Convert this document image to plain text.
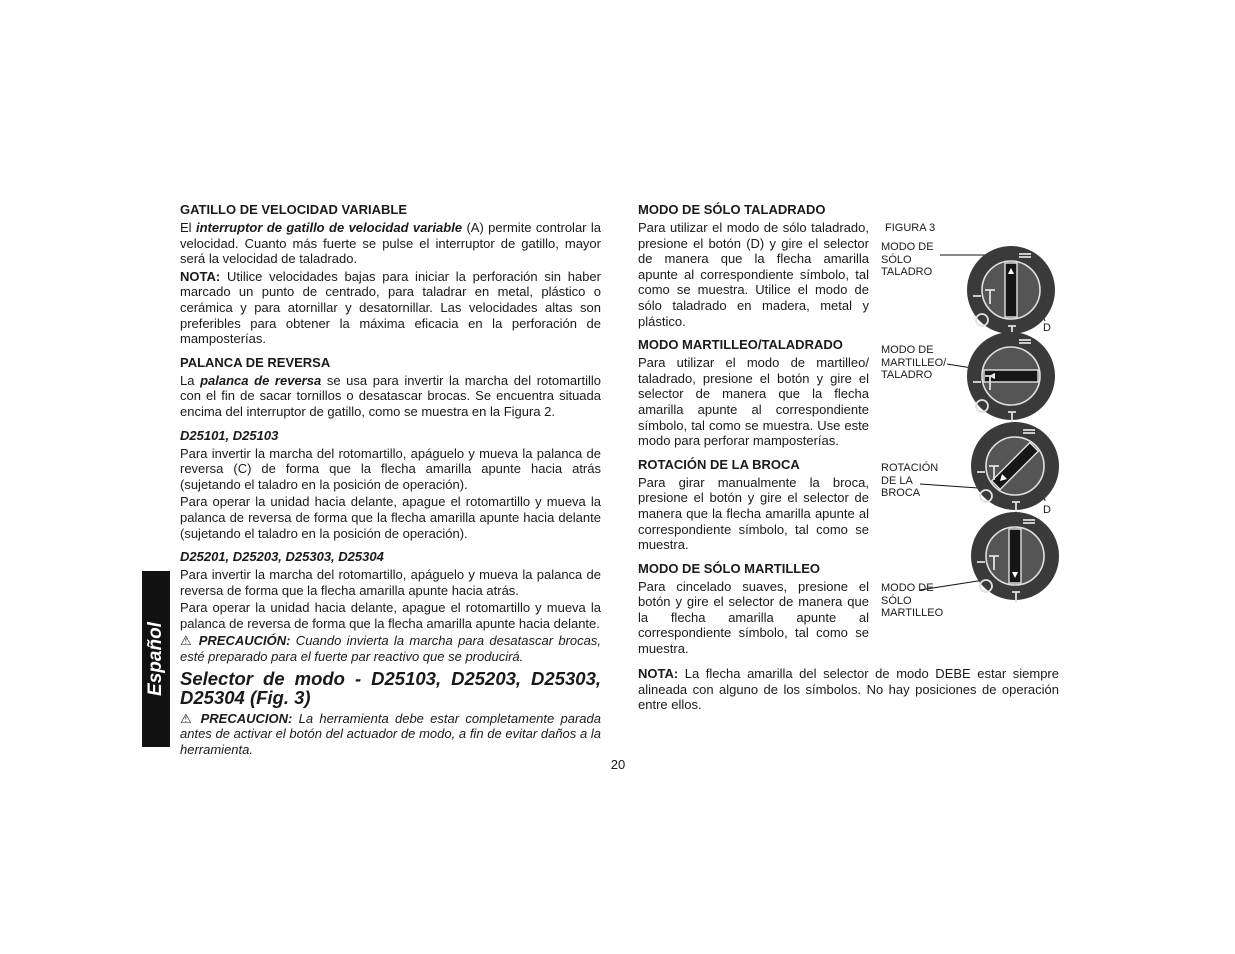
Español
GATILLO DE VELOCIDAD VARIABLE

El interruptor de gatillo de velocidad variable (A) permite controlar la velocidad. Cuanto más fuerte se pulse el interruptor de gatillo, mayor será la velocidad de taladrado.

NOTA: Utilice velocidades bajas para iniciar la perforación sin haber marcado un punto de centrado, para taladrar en metal, plástico o cerámica y para atornillar y desatornillar. Las velocidades altas son preferibles para obtener la máxima eficacia en la perforación de mamposterías.

PALANCA DE REVERSA

La palanca de reversa se usa para invertir la marcha del rotomartillo con el fin de sacar tornillos o desatascar brocas. Se encuentra situada encima del interruptor de gatillo, como se muestra en la Figura 2.

D25101, D25103

Para invertir la marcha del rotomartillo, apáguelo y mueva la palanca de reversa (C) de forma que la flecha amarilla apunte hacia atrás (sujetando el taladro en la posición de operación).

Para operar la unidad hacia delante, apague el rotomartillo y mueva la palanca de reversa de forma que la flecha amarilla apunte hacia delante (sujetando el taladro en la posición de operación).

D25201, D25203, D25303, D25304

Para invertir la marcha del rotomartillo, apáguelo y mueva la palanca de reversa de forma que la flecha amarilla apunte hacia atrás.

Para operar la unidad hacia delante, apague el rotomartillo y mueva la palanca de reversa de forma que la flecha amarilla apunte hacia delante.

⚠ PRECAUCIÓN: Cuando invierta la marcha para desatascar brocas, esté preparado para el fuerte par reactivo que se producirá.

Selector de modo - D25103, D25203, D25303, D25304 (Fig. 3)

⚠ PRECAUCION: La herramienta debe estar completamente parada antes de activar el botón del actuador de modo, a fin de evitar daños a la herramienta.

MODO DE SÓLO TALADRADO

Para utilizar el modo de sólo taladrado, presione el botón (D) y gire el selector de manera que la flecha amarilla apunte al correspondiente símbolo, tal como se muestra. Utilice el modo de sólo taladrado en madera, metal y plástico.

MODO MARTILLEO/TALADRADO

Para utilizar el modo de martilleo/ taladrado, presione el botón y gire el selector de manera que la flecha amarilla apunte al correspondiente símbolo, tal como se muestra. Use este modo para perforar mamposterías.

ROTACIÓN DE LA BROCA

Para girar manualmente la broca, presione el botón y gire el selector de manera que la flecha amarilla apunte al correspondiente símbolo, tal como se muestra.

MODO DE SÓLO MARTILLEO

Para cincelado suaves, presione el botón y gire el selector de manera que la flecha amarilla apunte al correspondiente símbolo, tal como se muestra.

NOTA: La flecha amarilla del selector de modo DEBE estar siempre alineada con alguno de los símbolos. No hay posiciones de operación entre ellos.

FIGURA 3
MODO DE
SÓLO
TALADRO
MODO DE
MARTILLEO/
TALADRO
ROTACIÓN
DE LA
BROCA
MODO DE
SÓLO
MARTILLEO
D
D
20
